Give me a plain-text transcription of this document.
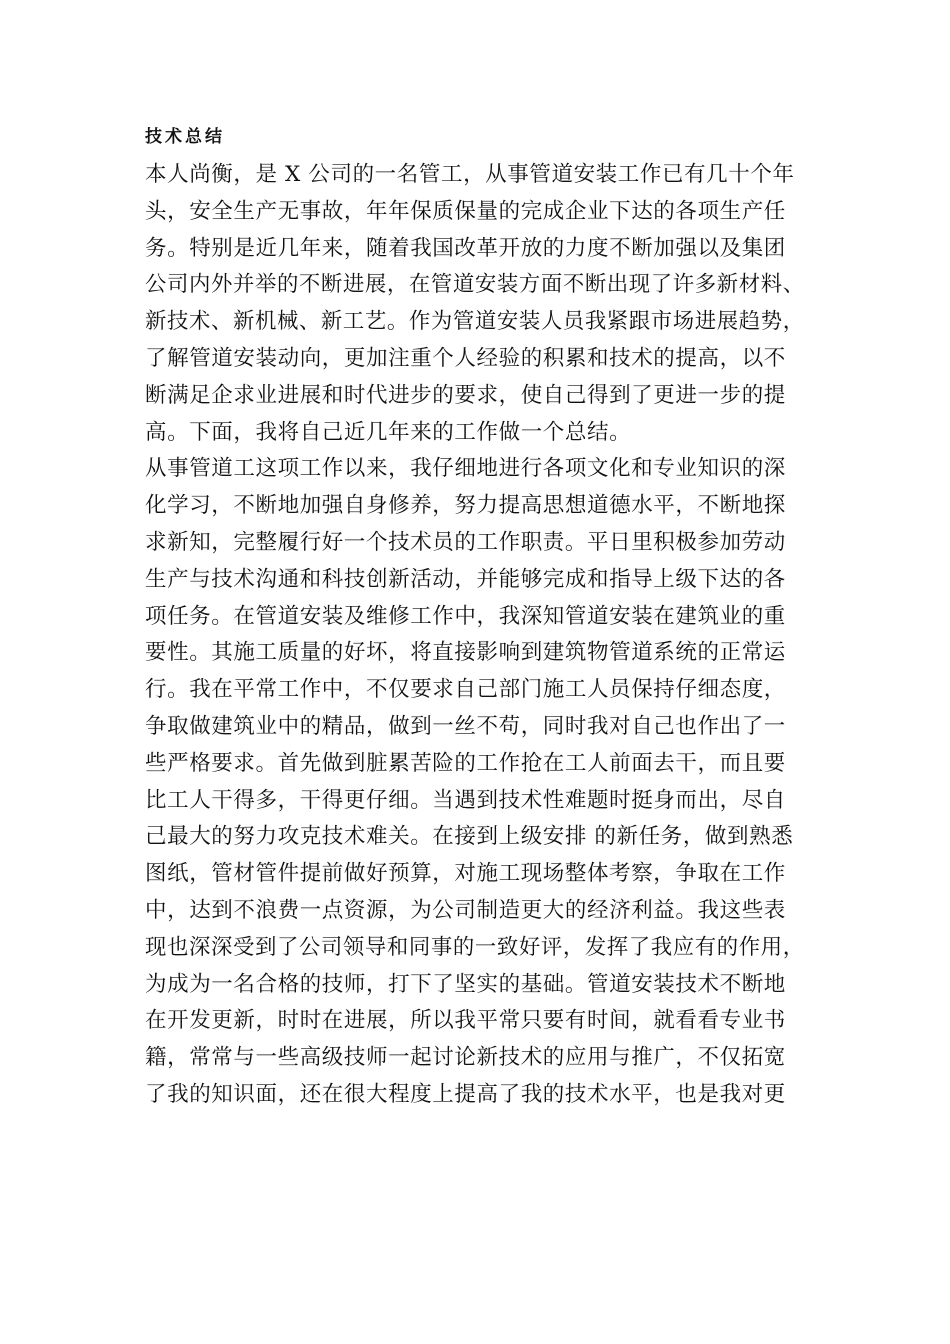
技术总结
本人尚衡，是 X 公司的一名管工，从事管道安装工作已有几十个年
头，安全生产无事故，年年保质保量的完成企业下达的各项生产任
务。特别是近几年来，随着我国改革开放的力度不断加强以及集团
公司内外并举的不断进展，在管道安装方面不断出现了许多新材料、
新技术、新机械、新工艺。作为管道安装人员我紧跟市场进展趋势，
了解管道安装动向，更加注重个人经验的积累和技术的提高，以不
断满足企求业进展和时代进步的要求，使自己得到了更进一步的提
高。下面，我将自己近几年来的工作做一个总结。
从事管道工这项工作以来，我仔细地进行各项文化和专业知识的深
化学习，不断地加强自身修养，努力提高思想道德水平，不断地探
求新知，完整履行好一个技术员的工作职责。平日里积极参加劳动
生产与技术沟通和科技创新活动，并能够完成和指导上级下达的各
项任务。在管道安装及维修工作中，我深知管道安装在建筑业的重
要性。其施工质量的好坏，将直接影响到建筑物管道系统的正常运
行。我在平常工作中，不仅要求自己部门施工人员保持仔细态度，
争取做建筑业中的精品，做到一丝不苟，同时我对自己也作出了一
些严格要求。首先做到脏累苦险的工作抢在工人前面去干，而且要
比工人干得多，干得更仔细。当遇到技术性难题时挺身而出，尽自
己最大的努力攻克技术难关。在接到上级安排 的新任务，做到熟悉
图纸，管材管件提前做好预算，对施工现场整体考察，争取在工作
中，达到不浪费一点资源，为公司制造更大的经济利益。我这些表
现也深深受到了公司领导和同事的一致好评，发挥了我应有的作用，
为成为一名合格的技师，打下了坚实的基础。管道安装技术不断地
在开发更新，时时在进展，所以我平常只要有时间，就看看专业书
籍，常常与一些高级技师一起讨论新技术的应用与推广，不仅拓宽
了我的知识面，还在很大程度上提高了我的技术水平，也是我对更
